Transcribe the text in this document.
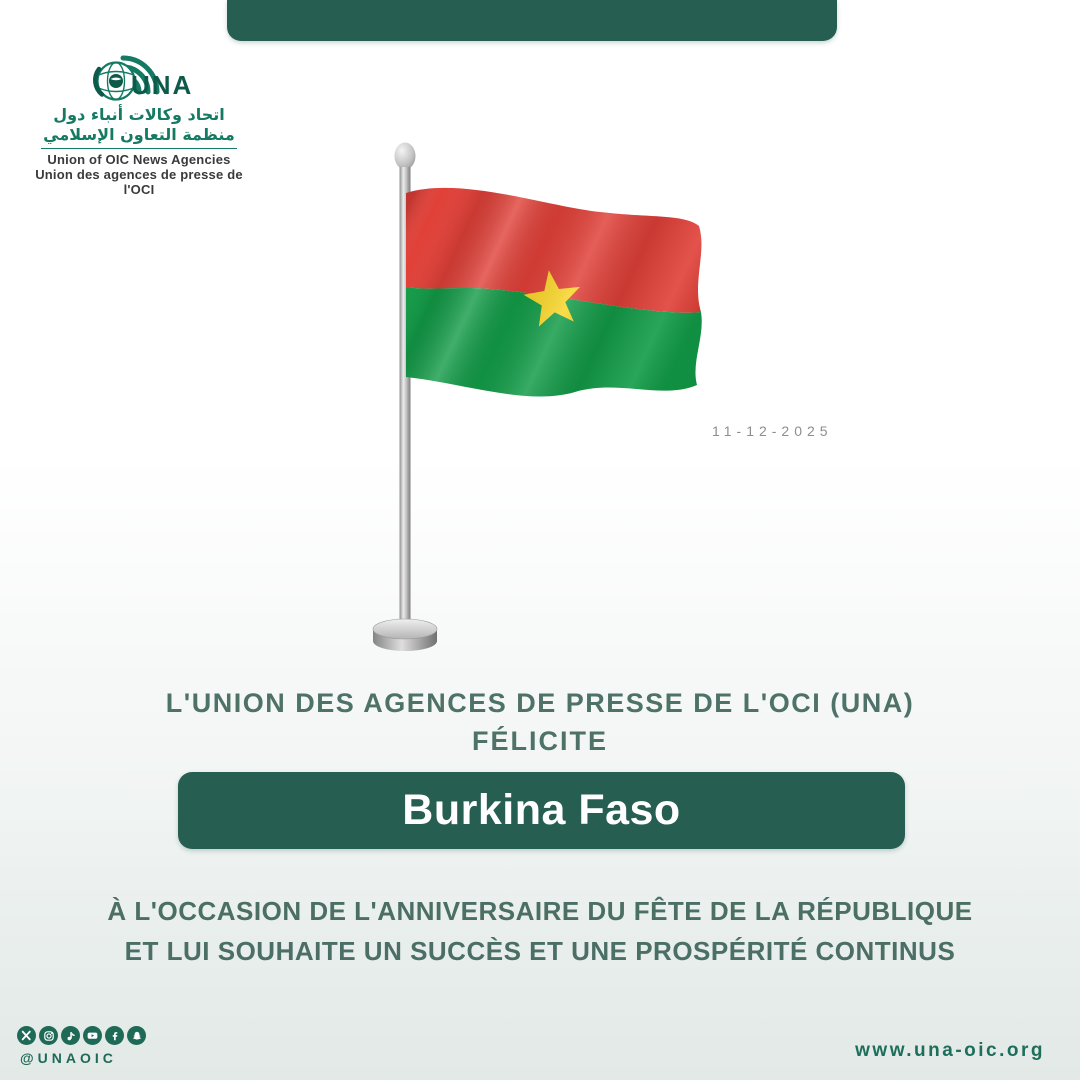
UNA
اتحاد وكالات أنباء دول منظمة التعاون الإسلامي
Union of OIC News Agencies
Union des agences de presse de l'OCI
11-12-2025
L'UNION DES AGENCES DE PRESSE DE L'OCI (UNA)
FÉLICITE
Burkina Faso
À L'OCCASION DE L'ANNIVERSAIRE DU FÊTE DE LA RÉPUBLIQUE
ET LUI SOUHAITE UN SUCCÈS ET UNE PROSPÉRITÉ CONTINUS
@UNAOIC	www.una-oic.org
